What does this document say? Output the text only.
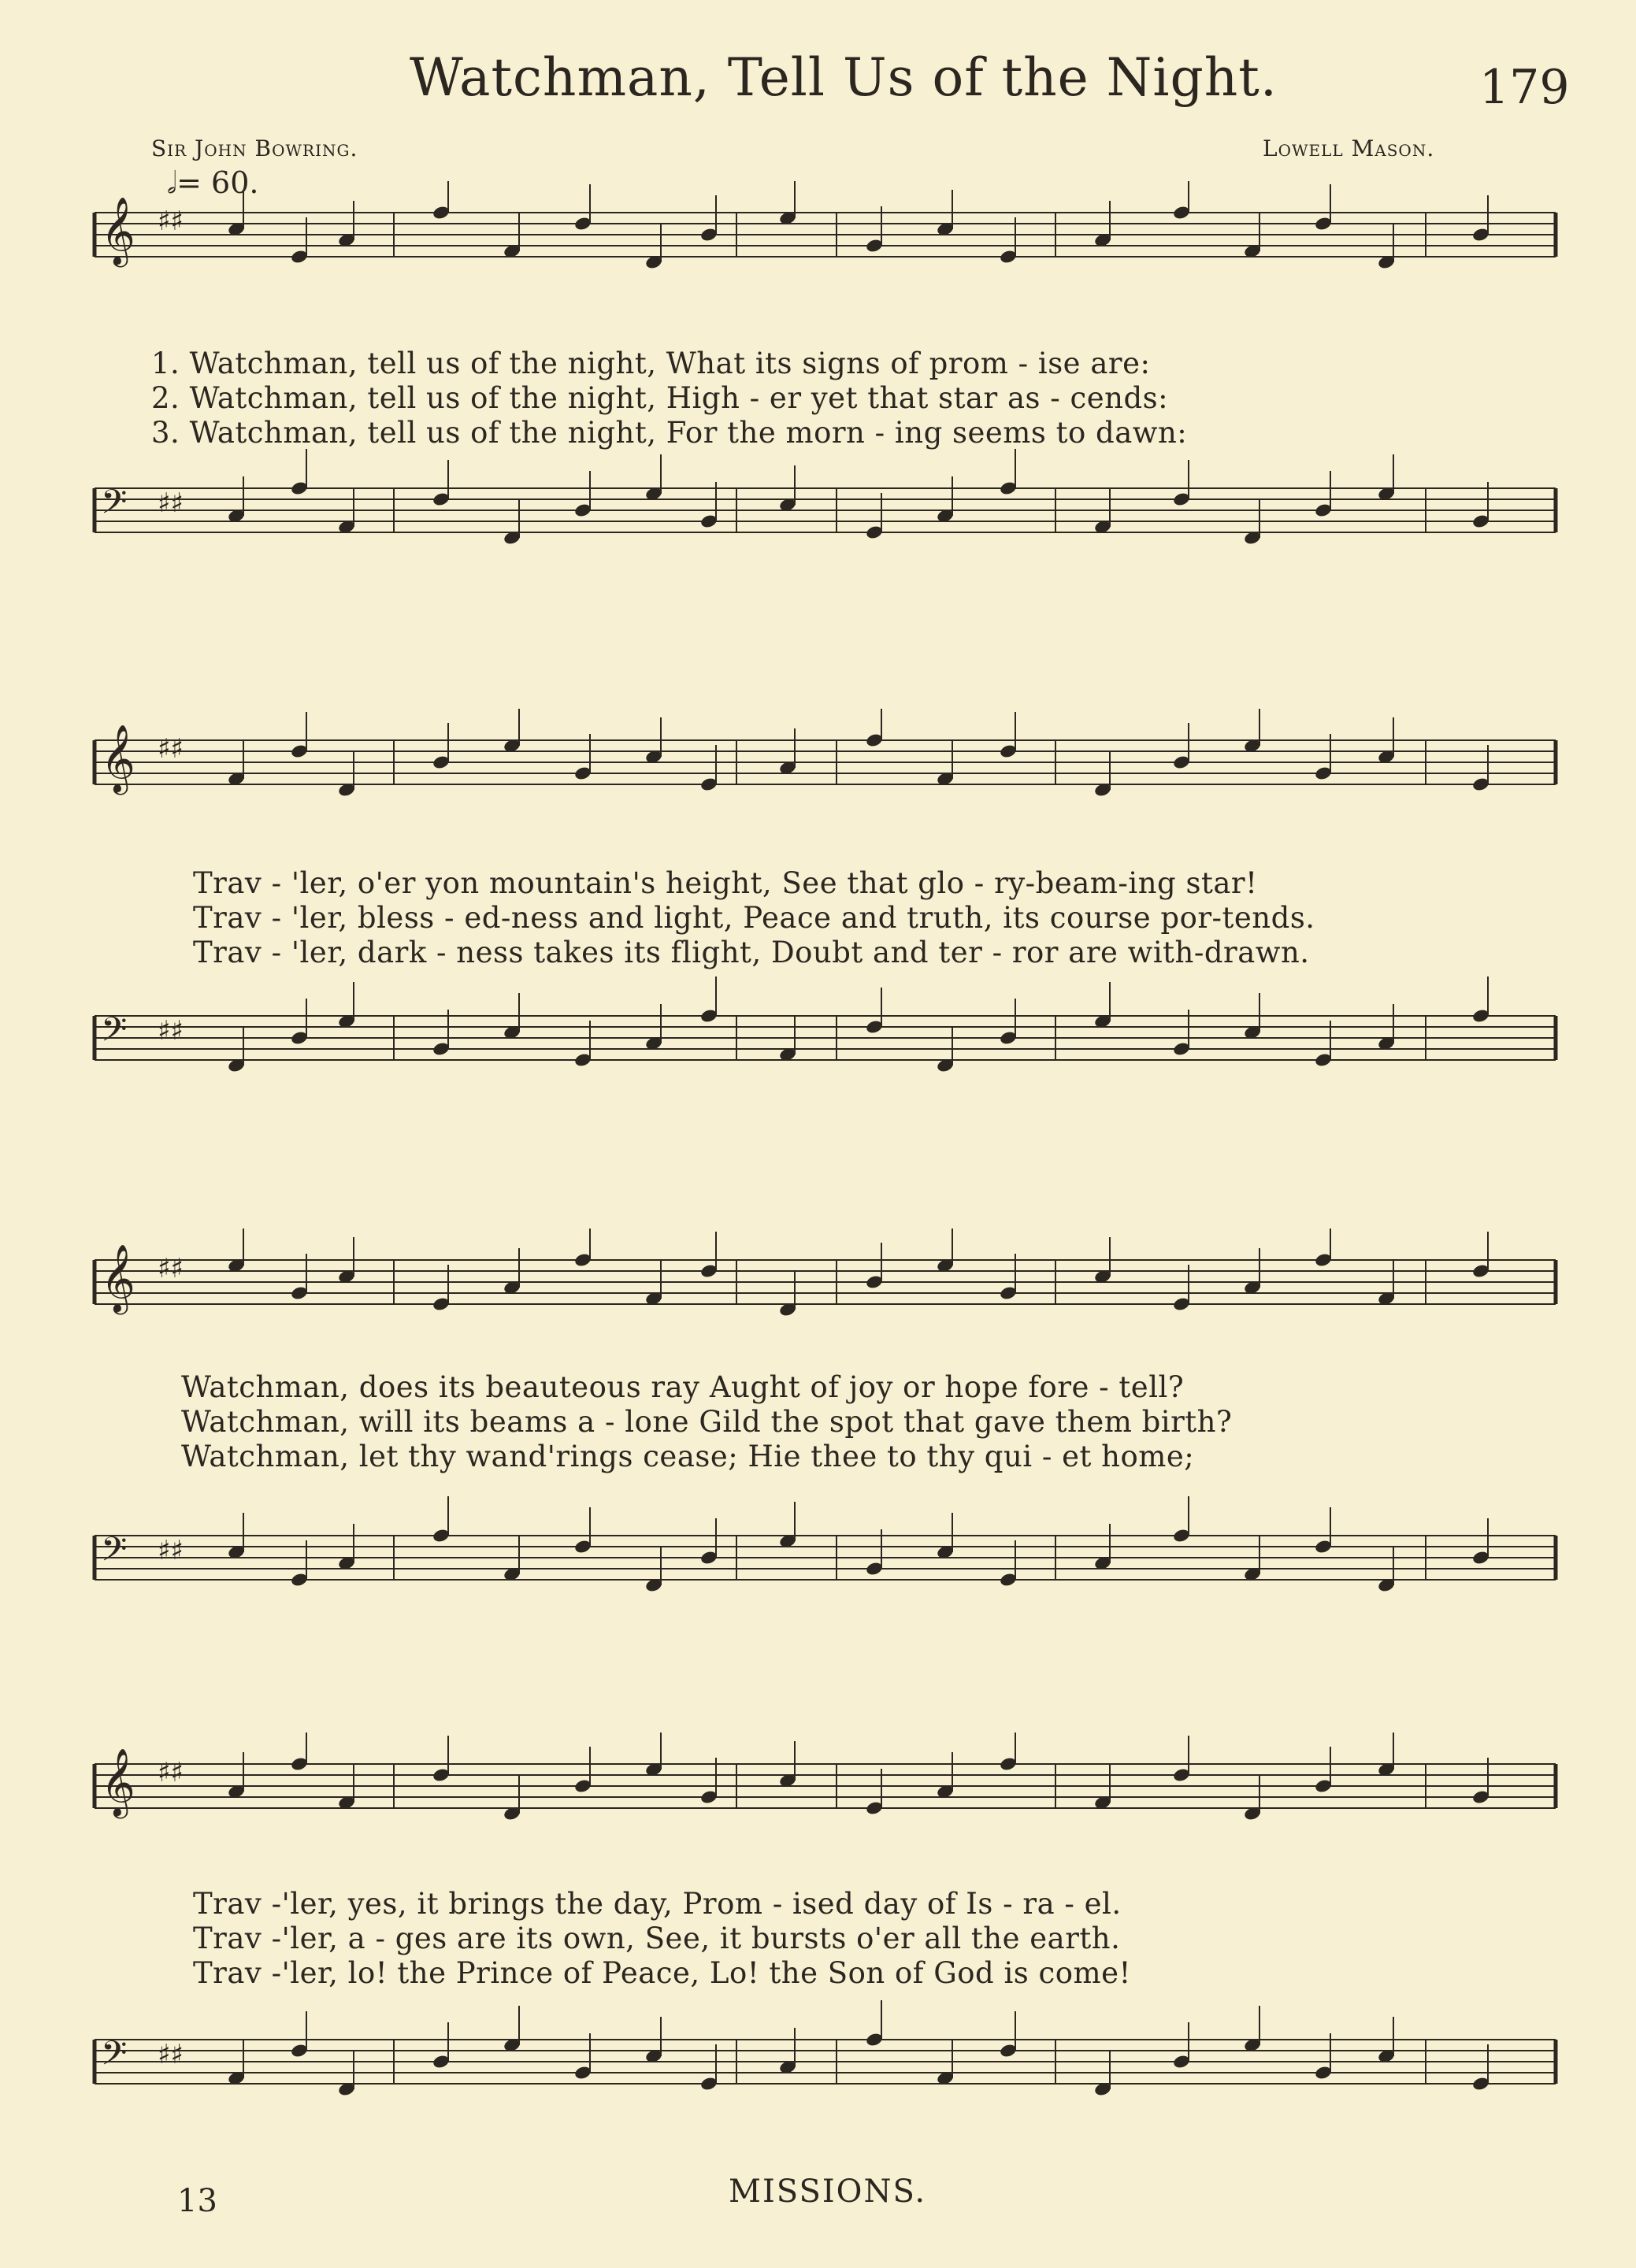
Watchman, Tell Us of the Night.	179
Sir John Bowring.	Lowell Mason.
𝅗𝅥= 60.
𝄞 ♯♯
𝄢 ♯♯
1. Watchman, tell us of the night, What its signs of prom - ise are:
2. Watchman, tell us of the night, High - er yet that star as - cends:
3. Watchman, tell us of the night, For the morn - ing seems to dawn:
𝄞 ♯♯
𝄢 ♯♯
Trav - 'ler, o'er yon mountain's height, See that glo - ry-beam-ing star!
Trav - 'ler, bless - ed-ness and light, Peace and truth, its course por-tends.
Trav - 'ler, dark - ness takes its flight, Doubt and ter - ror are with-drawn.
𝄞 ♯♯
𝄢 ♯♯
Watchman, does its beauteous ray Aught of joy or hope fore - tell?
Watchman, will its beams a - lone Gild the spot that gave them birth?
Watchman, let thy wand'rings cease; Hie thee to thy qui - et home;
𝄞 ♯♯
𝄢 ♯♯
Trav -'ler, yes, it brings the day, Prom - ised day of Is - ra - el.
Trav -'ler, a - ges are its own, See, it bursts o'er all the earth.
Trav -'ler, lo! the Prince of Peace, Lo! the Son of God is come!
13	MISSIONS.
